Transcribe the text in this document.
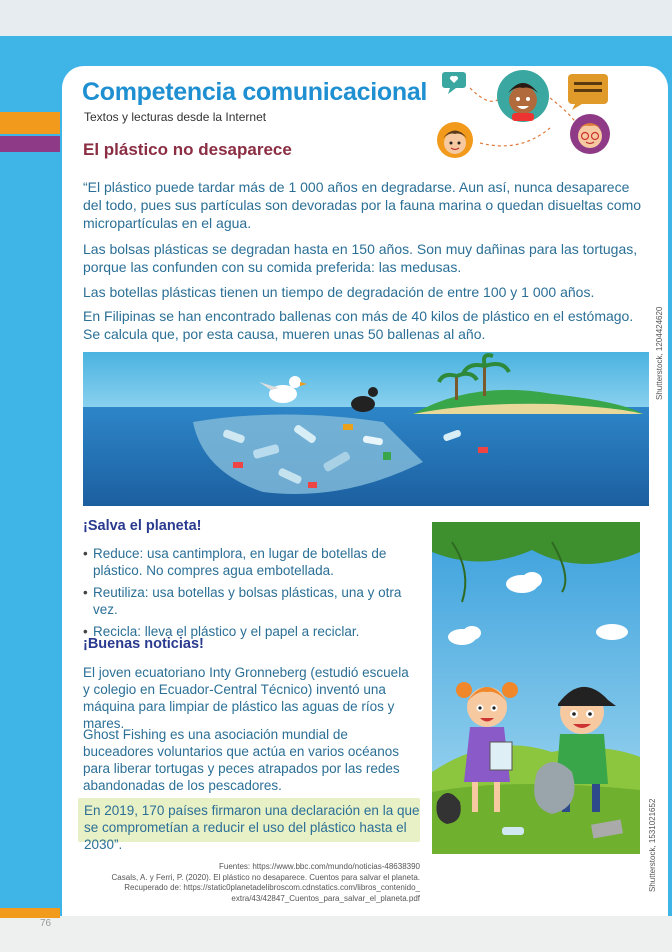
76
Competencia comunicacional
Textos y lecturas desde la Internet
El plástico no desaparece
“El plástico puede tardar más de 1 000 años en degradarse. Aun así, nunca desaparece del todo, pues sus partículas son devoradas por la fauna marina o quedan disueltas como micropartículas en el agua.
Las bolsas plásticas se degradan hasta en 150 años. Son muy dañinas para las tortugas, porque las confunden con su comida preferida: las medusas.
Las botellas plásticas tienen un tiempo de degradación de entre 100 y 1 000 años.
En Filipinas se han encontrado ballenas con más de 40 kilos de plástico en el estómago. Se calcula que, por esta causa, mueren unas 50 ballenas al año.	Shutterstock, 1204424620
¡Salva el planeta!
• Reduce: usa cantimplora, en lugar de botellas de plástico. No compres agua embotellada.
• Reutiliza: usa botellas y bolsas plásticas, una y otra vez.
• Recicla: lleva el plástico y el papel a reciclar.
¡Buenas noticias!
El joven ecuatoriano Inty Gronneberg (estudió escuela y colegio en Ecuador-Central Técnico) inventó una máquina para limpiar de plástico las aguas de ríos y mares.
Ghost Fishing es una asociación mundial de buceadores voluntarios que actúa en varios océanos para liberar tortugas y peces atrapados por las redes abandonadas de los pescadores.
En 2019, 170 países firmaron una declaración en la que se comprometían a reducir el uso del plástico hasta el 2030”.
Fuentes: https://www.bbc.com/mundo/noticias-48638390
Casals, A. y Ferri, P. (2020). El plástico no desaparece. Cuentos para salvar el planeta.
Recuperado de: https://static0planetadelibroscom.cdnstatics.com/libros_contenido_
extra/43/42847_Cuentos_para_salvar_el_planeta.pdf
Shutterstock, 1531021652
